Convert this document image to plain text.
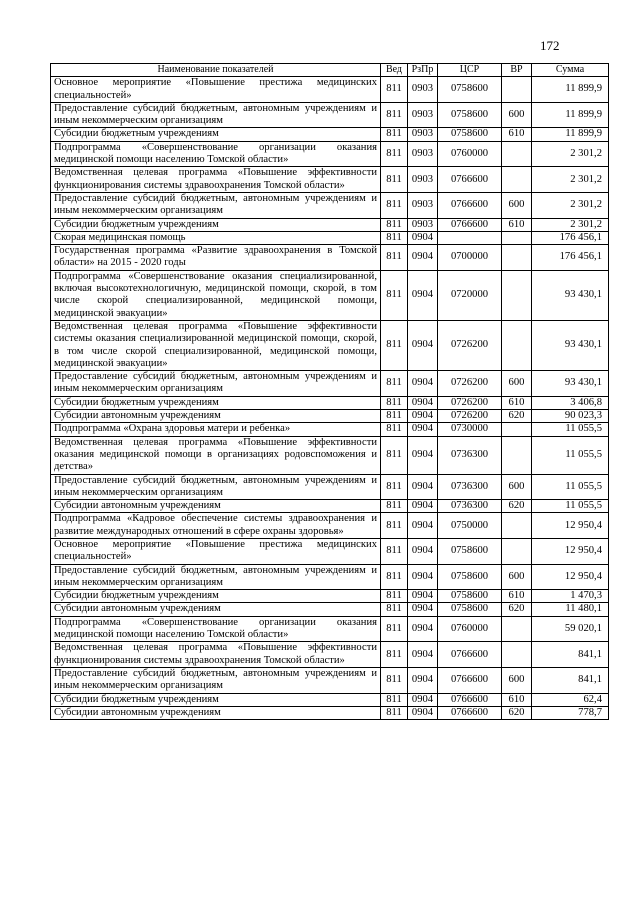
172
Наименование показателей	Вед	РзПр	ЦСР	ВР	Сумма
Основное мероприятие «Повышение престижа медицинских специальностей»	811	0903	0758600		11 899,9
Предоставление субсидий бюджетным, автономным учреждениям и иным некоммерческим организациям	811	0903	0758600	600	11 899,9
Субсидии бюджетным учреждениям	811	0903	0758600	610	11 899,9
Подпрограмма «Совершенствование организации оказания медицинской помощи населению Томской области»	811	0903	0760000		2 301,2
Ведомственная целевая программа «Повышение эффективности функционирования системы здравоохранения Томской области»	811	0903	0766600		2 301,2
Предоставление субсидий бюджетным, автономным учреждениям и иным некоммерческим организациям	811	0903	0766600	600	2 301,2
Субсидии бюджетным учреждениям	811	0903	0766600	610	2 301,2
Скорая медицинская помощь	811	0904			176 456,1
Государственная программа «Развитие здравоохранения в Томской области» на 2015 - 2020 годы	811	0904	0700000		176 456,1
Подпрограмма «Совершенствование оказания специализированной, включая высокотехнологичную, медицинской помощи, скорой, в том числе скорой специализированной, медицинской помощи, медицинской эвакуации»	811	0904	0720000		93 430,1
Ведомственная целевая программа «Повышение эффективности системы оказания специализированной медицинской помощи, скорой, в том числе скорой специализированной, медицинской помощи, медицинской эвакуации»	811	0904	0726200		93 430,1
Предоставление субсидий бюджетным, автономным учреждениям и иным некоммерческим организациям	811	0904	0726200	600	93 430,1
Субсидии бюджетным учреждениям	811	0904	0726200	610	3 406,8
Субсидии автономным учреждениям	811	0904	0726200	620	90 023,3
Подпрограмма «Охрана здоровья матери и ребенка»	811	0904	0730000		11 055,5
Ведомственная целевая программа «Повышение эффективности оказания медицинской помощи в организациях родовспоможения и детства»	811	0904	0736300		11 055,5
Предоставление субсидий бюджетным, автономным учреждениям и иным некоммерческим организациям	811	0904	0736300	600	11 055,5
Субсидии автономным учреждениям	811	0904	0736300	620	11 055,5
Подпрограмма «Кадровое обеспечение системы здравоохранения и развитие международных отношений в сфере охраны здоровья»	811	0904	0750000		12 950,4
Основное мероприятие «Повышение престижа медицинских специальностей»	811	0904	0758600		12 950,4
Предоставление субсидий бюджетным, автономным учреждениям и иным некоммерческим организациям	811	0904	0758600	600	12 950,4
Субсидии бюджетным учреждениям	811	0904	0758600	610	1 470,3
Субсидии автономным учреждениям	811	0904	0758600	620	11 480,1
Подпрограмма «Совершенствование организации оказания медицинской помощи населению Томской области»	811	0904	0760000		59 020,1
Ведомственная целевая программа «Повышение эффективности функционирования системы здравоохранения Томской области»	811	0904	0766600		841,1
Предоставление субсидий бюджетным, автономным учреждениям и иным некоммерческим организациям	811	0904	0766600	600	841,1
Субсидии бюджетным учреждениям	811	0904	0766600	610	62,4
Субсидии автономным учреждениям	811	0904	0766600	620	778,7
